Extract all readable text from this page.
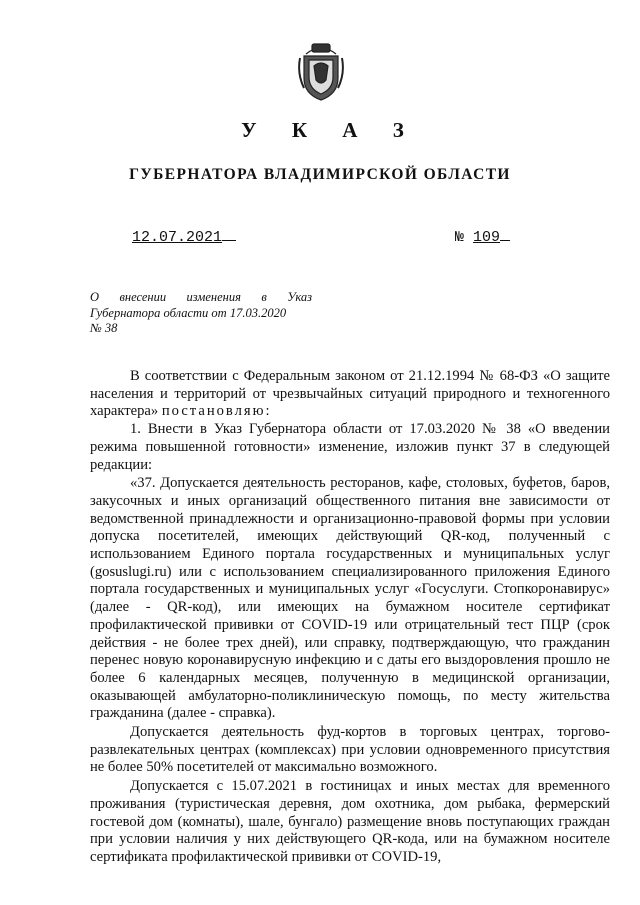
У К А З
ГУБЕРНАТОРА ВЛАДИМИРСКОЙ ОБЛАСТИ
12.07.2021	№ 109
О внесении изменения в Указ
Губернатора области от 17.03.2020
№ 38

В соответствии с Федеральным законом от 21.12.1994 № 68-ФЗ «О защите населения и территорий от чрезвычайных ситуаций природного и техногенного характера» постановляю:

1. Внести в Указ Губернатора области от 17.03.2020 № 38 «О введении режима повышенной готовности» изменение, изложив пункт 37 в следующей редакции:

«37. Допускается деятельность ресторанов, кафе, столовых, буфетов, баров, закусочных и иных организаций общественного питания вне зависимости от ведомственной принадлежности и организационно-правовой формы при условии допуска посетителей, имеющих действующий QR-код, полученный с использованием Единого портала государственных и муниципальных услуг (gosuslugi.ru) или с использованием специализированного приложения Единого портала государственных и муниципальных услуг «Госуслуги. Стопкоронавирус» (далее - QR-код), или имеющих на бумажном носителе сертификат профилактической прививки от COVID-19 или отрицательный тест ПЦР (срок действия - не более трех дней), или справку, подтверждающую, что гражданин перенес новую коронавирусную инфекцию и с даты его выздоровления прошло не более 6 календарных месяцев, полученную в медицинской организации, оказывающей амбулаторно-поликлиническую помощь, по месту жительства гражданина (далее - справка).

Допускается деятельность фуд-кортов в торговых центрах, торгово-развлекательных центрах (комплексах) при условии одновременного присутствия не более 50% посетителей от максимально возможного.

Допускается с 15.07.2021 в гостиницах и иных местах для временного проживания (туристическая деревня, дом охотника, дом рыбака, фермерский гостевой дом (комнаты), шале, бунгало) размещение вновь поступающих граждан при условии наличия у них действующего QR-кода, или на бумажном носителе сертификата профилактической прививки от COVID-19,
